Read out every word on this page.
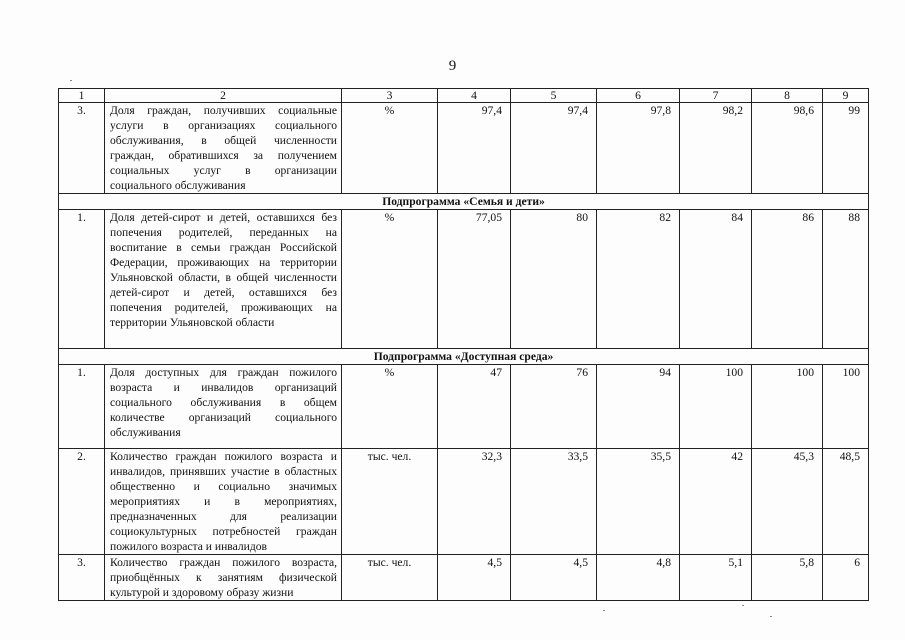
9
1	2	3	4	5	6	7	8	9
3.	Доля граждан, получивших социальные услуги в организациях социального обслуживания, в общей численности граждан, обратившихся за получением социальных услуг в организации социального обслуживания	%	97,4	97,4	97,8	98,2	98,6	99
Подпрограмма «Семья и дети»								
1.	Доля детей-сирот и детей, оставшихся без попечения родителей, переданных на воспитание в семьи граждан Российской Федерации, проживающих на территории Ульяновской области, в общей численности детей-сирот и детей, оставшихся без попечения родителей, проживающих на территории Ульяновской области	%	77,05	80	82	84	86	88
Подпрограмма «Доступная среда»								
1.	Доля доступных для граждан пожилого возраста и инвалидов организаций социального обслуживания в общем количестве организаций социального обслуживания	%	47	76	94	100	100	100
2.	Количество граждан пожилого возраста и инвалидов, принявших участие в областных общественно и социально значимых мероприятиях и в мероприятиях, предназначенных для реализации социокультурных потребностей граждан пожилого возраста и инвалидов	тыс. чел.	32,3	33,5	35,5	42	45,3	48,5
3.	Количество граждан пожилого возраста, приобщённых к занятиям физической культурой и здоровому образу жизни	тыс. чел.	4,5	4,5	4,8	5,1	5,8	6
